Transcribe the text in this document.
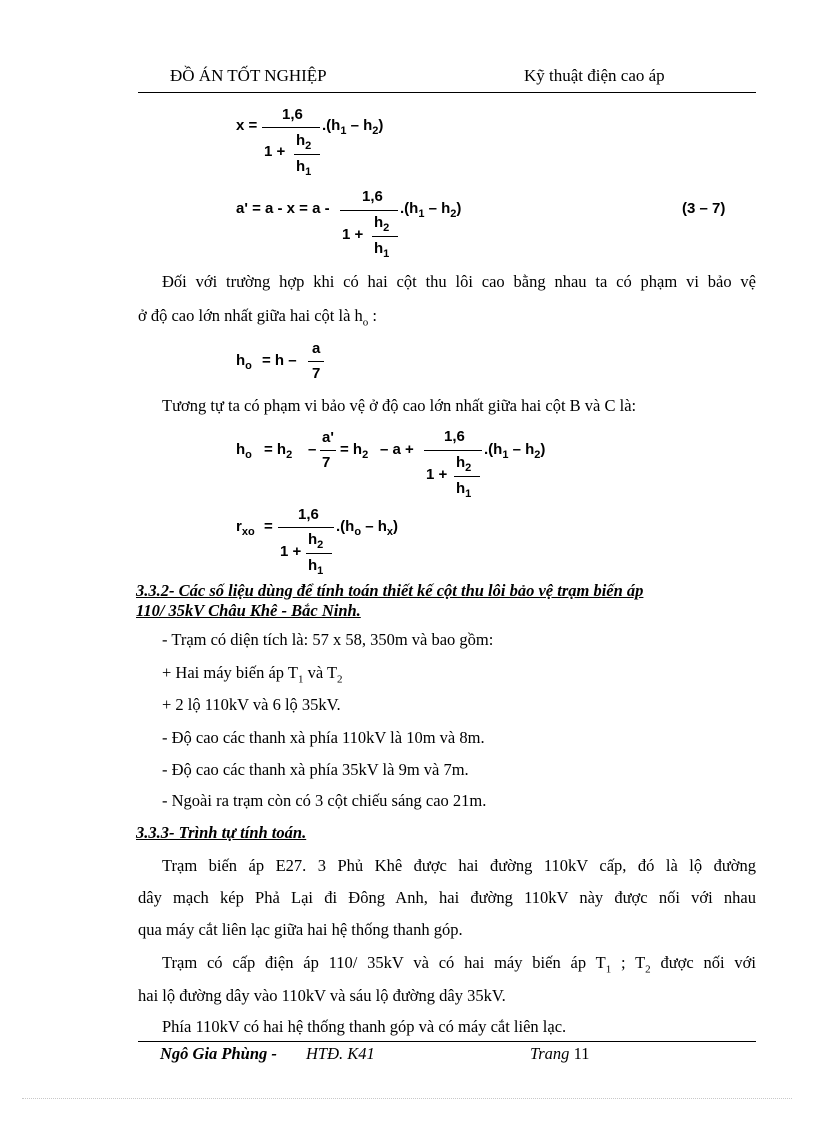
ĐỒ ÁN TỐT NGHIỆP	Kỹ thuật điện cao áp
x =
1,6
1 +
$h_2$
$h_1$
$.(h_1 - h_2)$
a' = a - x = a -
1,6
1 +
$h_2$
$h_1$
$.(h_1 - h_2)$	(3 – 7)
Đối với trường hợp khi có hai cột thu lôi cao bằng nhau ta có phạm vi bảo vệ
ở độ cao lớn nhất giữa hai cột là $h_o$ :
$h_o = h$ –
a
7
Tương tự ta có phạm vi bảo vệ ở độ cao lớn nhất giữa hai cột B và C là:
$h_o = h_2$ –
a'
7
= $h_2$ – a +
1,6
1 +
$h_2$
$h_1$
$.(h_1 - h_2)$
$r_{xo}$ =
1,6
1 +
$h_2$
$h_1$
$.(h_o - h_x)$
3.3.2- Các số liệu dùng để tính toán thiết kế cột thu lôi bảo vệ trạm biến áp
110/ 35kV Châu Khê - Bắc Ninh.
- Trạm có diện tích là: 57 x 58, 350m và bao gồm:
+ Hai máy biến áp $T_1$ và $T_2$
+ 2 lộ 110kV và 6 lộ 35kV.
- Độ cao các thanh xà phía 110kV là 10m và 8m.
- Độ cao các thanh xà phía 35kV là 9m và 7m.
- Ngoài ra trạm còn có 3 cột chiếu sáng cao 21m.
3.3.3- Trình tự tính toán.
Trạm biến áp E27. 3 Phủ Khê được hai đường 110kV cấp, đó là lộ đường
dây mạch kép Phả Lại đi Đông Anh, hai đường 110kV này được nối với nhau
qua máy cắt liên lạc giữa hai hệ thống thanh góp.
Trạm có cấp điện áp 110/ 35kV và có hai máy biến áp $T_1$ ; $T_2$ được nối với
hai lộ đường dây vào 110kV và sáu lộ đường dây 35kV.
Phía 110kV có hai hệ thống thanh góp và có máy cắt liên lạc.
Ngô Gia Phùng - HTĐ. K41	Trang 11
